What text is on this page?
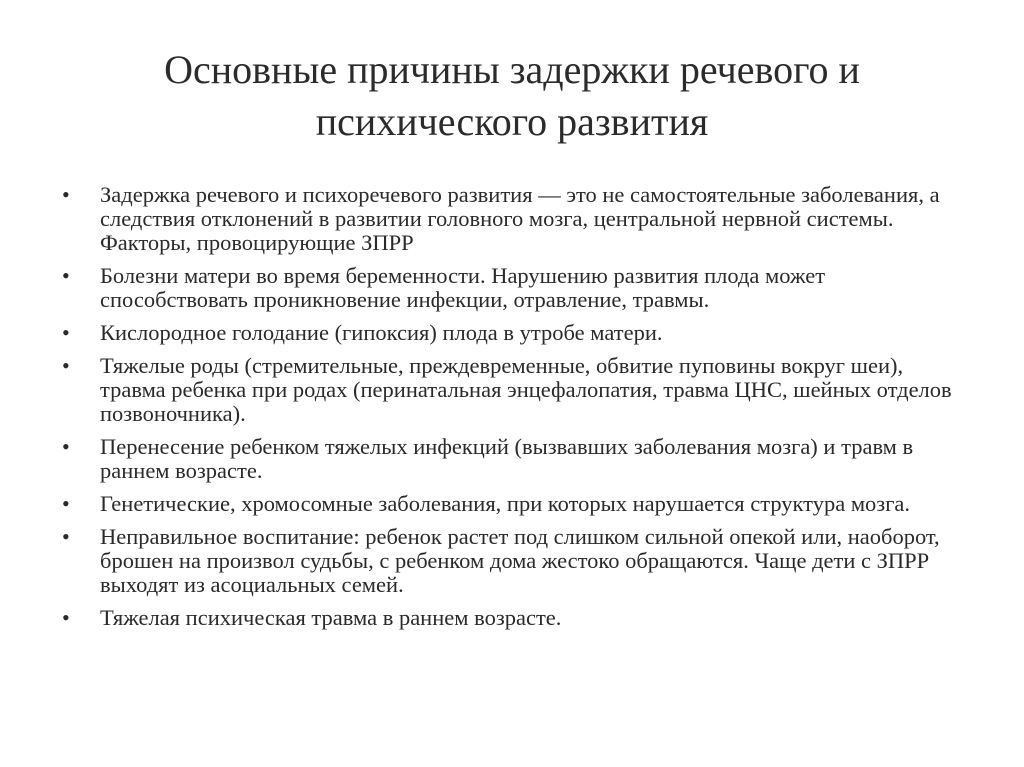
Основные причины задержки речевого и психического развития
• Задержка речевого и психоречевого развития — это не самостоятельные заболевания, а следствия отклонений в развитии головного мозга, центральной нервной системы. Факторы, провоцирующие ЗПРР
• Болезни матери во время беременности. Нарушению развития плода может способствовать проникновение инфекции, отравление, травмы.
• Кислородное голодание (гипоксия) плода в утробе матери.
• Тяжелые роды (стремительные, преждевременные, обвитие пуповины вокруг шеи), травма ребенка при родах (перинатальная энцефалопатия, травма ЦНС, шейных отделов позвоночника).
• Перенесение ребенком тяжелых инфекций (вызвавших заболевания мозга) и травм в раннем возрасте.
• Генетические, хромосомные заболевания, при которых нарушается структура мозга.
• Неправильное воспитание: ребенок растет под слишком сильной опекой или, наоборот, брошен на произвол судьбы, с ребенком дома жестоко обращаются. Чаще дети с ЗПРР выходят из асоциальных семей.
• Тяжелая психическая травма в раннем возрасте.
